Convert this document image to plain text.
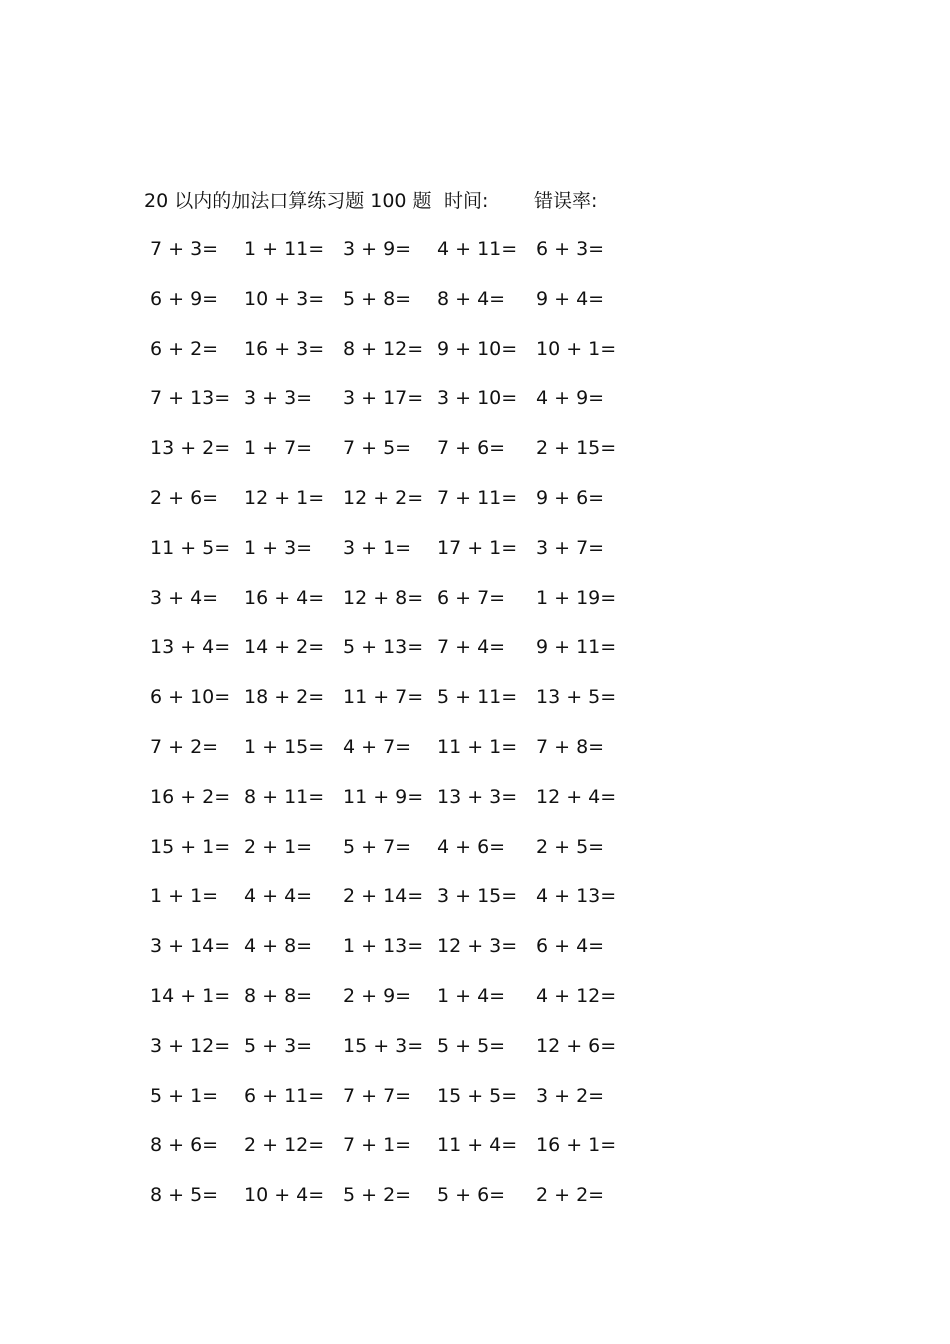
20 以内的加法口算练习题 100 题 时间: 错误率:
7 + 3=	1 + 11= 3 + 9=	4 + 11= 6 + 3=
6 + 9=	10 + 3= 5 + 8=	8 + 4=	9 + 4=
6 + 2=	16 + 3= 8 + 12= 9 + 10= 10 + 1=
7 + 13= 3 + 3=	3 + 17= 3 + 10= 4 + 9=
13 + 2= 1 + 7=	7 + 5=	7 + 6=	2 + 15=
2 + 6=	12 + 1= 12 + 2= 7 + 11= 9 + 6=
11 + 5= 1 + 3=	3 + 1=	17 + 1= 3 + 7=
3 + 4=	16 + 4= 12 + 8= 6 + 7=	1 + 19=
13 + 4= 14 + 2= 5 + 13= 7 + 4=	9 + 11=
6 + 10= 18 + 2= 11 + 7= 5 + 11= 13 + 5=
7 + 2=	1 + 15= 4 + 7=	11 + 1= 7 + 8=
16 + 2= 8 + 11= 11 + 9= 13 + 3= 12 + 4=
15 + 1= 2 + 1=	5 + 7=	4 + 6=	2 + 5=
1 + 1=	4 + 4=	2 + 14= 3 + 15= 4 + 13=
3 + 14= 4 + 8=	1 + 13= 12 + 3= 6 + 4=
14 + 1= 8 + 8=	2 + 9=	1 + 4=	4 + 12=
3 + 12= 5 + 3=	15 + 3= 5 + 5=	12 + 6=
5 + 1=	6 + 11= 7 + 7=	15 + 5= 3 + 2=
8 + 6=	2 + 12= 7 + 1=	11 + 4= 16 + 1=
8 + 5=	10 + 4= 5 + 2=	5 + 6=	2 + 2=
